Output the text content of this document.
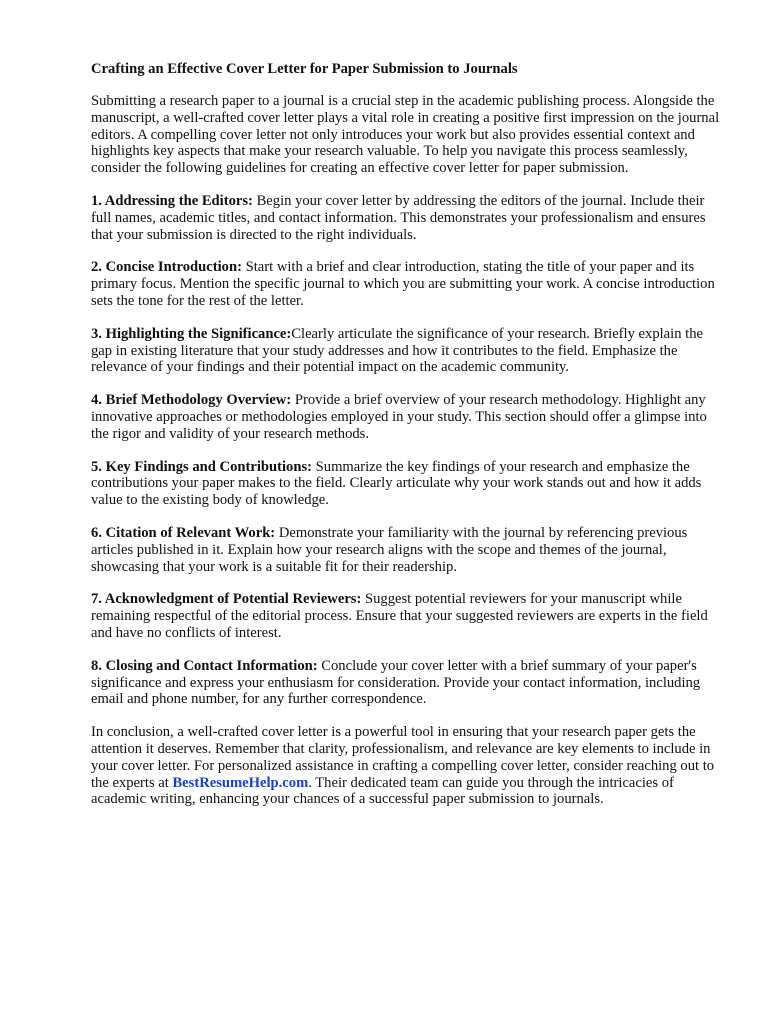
Crafting an Effective Cover Letter for Paper Submission to Journals

Submitting a research paper to a journal is a crucial step in the academic publishing process. Alongside the manuscript, a well-crafted cover letter plays a vital role in creating a positive first impression on the journal editors. A compelling cover letter not only introduces your work but also provides essential context and highlights key aspects that make your research valuable. To help you navigate this process seamlessly, consider the following guidelines for creating an effective cover letter for paper submission.

1. Addressing the Editors: Begin your cover letter by addressing the editors of the journal. Include their full names, academic titles, and contact information. This demonstrates your professionalism and ensures that your submission is directed to the right individuals.

2. Concise Introduction: Start with a brief and clear introduction, stating the title of your paper and its primary focus. Mention the specific journal to which you are submitting your work. A concise introduction sets the tone for the rest of the letter.

3. Highlighting the Significance:Clearly articulate the significance of your research. Briefly explain the gap in existing literature that your study addresses and how it contributes to the field. Emphasize the relevance of your findings and their potential impact on the academic community.

4. Brief Methodology Overview: Provide a brief overview of your research methodology. Highlight any innovative approaches or methodologies employed in your study. This section should offer a glimpse into the rigor and validity of your research methods.

5. Key Findings and Contributions: Summarize the key findings of your research and emphasize the contributions your paper makes to the field. Clearly articulate why your work stands out and how it adds value to the existing body of knowledge.

6. Citation of Relevant Work: Demonstrate your familiarity with the journal by referencing previous articles published in it. Explain how your research aligns with the scope and themes of the journal, showcasing that your work is a suitable fit for their readership.

7. Acknowledgment of Potential Reviewers: Suggest potential reviewers for your manuscript while remaining respectful of the editorial process. Ensure that your suggested reviewers are experts in the field and have no conflicts of interest.

8. Closing and Contact Information: Conclude your cover letter with a brief summary of your paper's significance and express your enthusiasm for consideration. Provide your contact information, including email and phone number, for any further correspondence.

In conclusion, a well-crafted cover letter is a powerful tool in ensuring that your research paper gets the attention it deserves. Remember that clarity, professionalism, and relevance are key elements to include in your cover letter. For personalized assistance in crafting a compelling cover letter, consider reaching out to the experts at BestResumeHelp.com. Their dedicated team can guide you through the intricacies of academic writing, enhancing your chances of a successful paper submission to journals.
